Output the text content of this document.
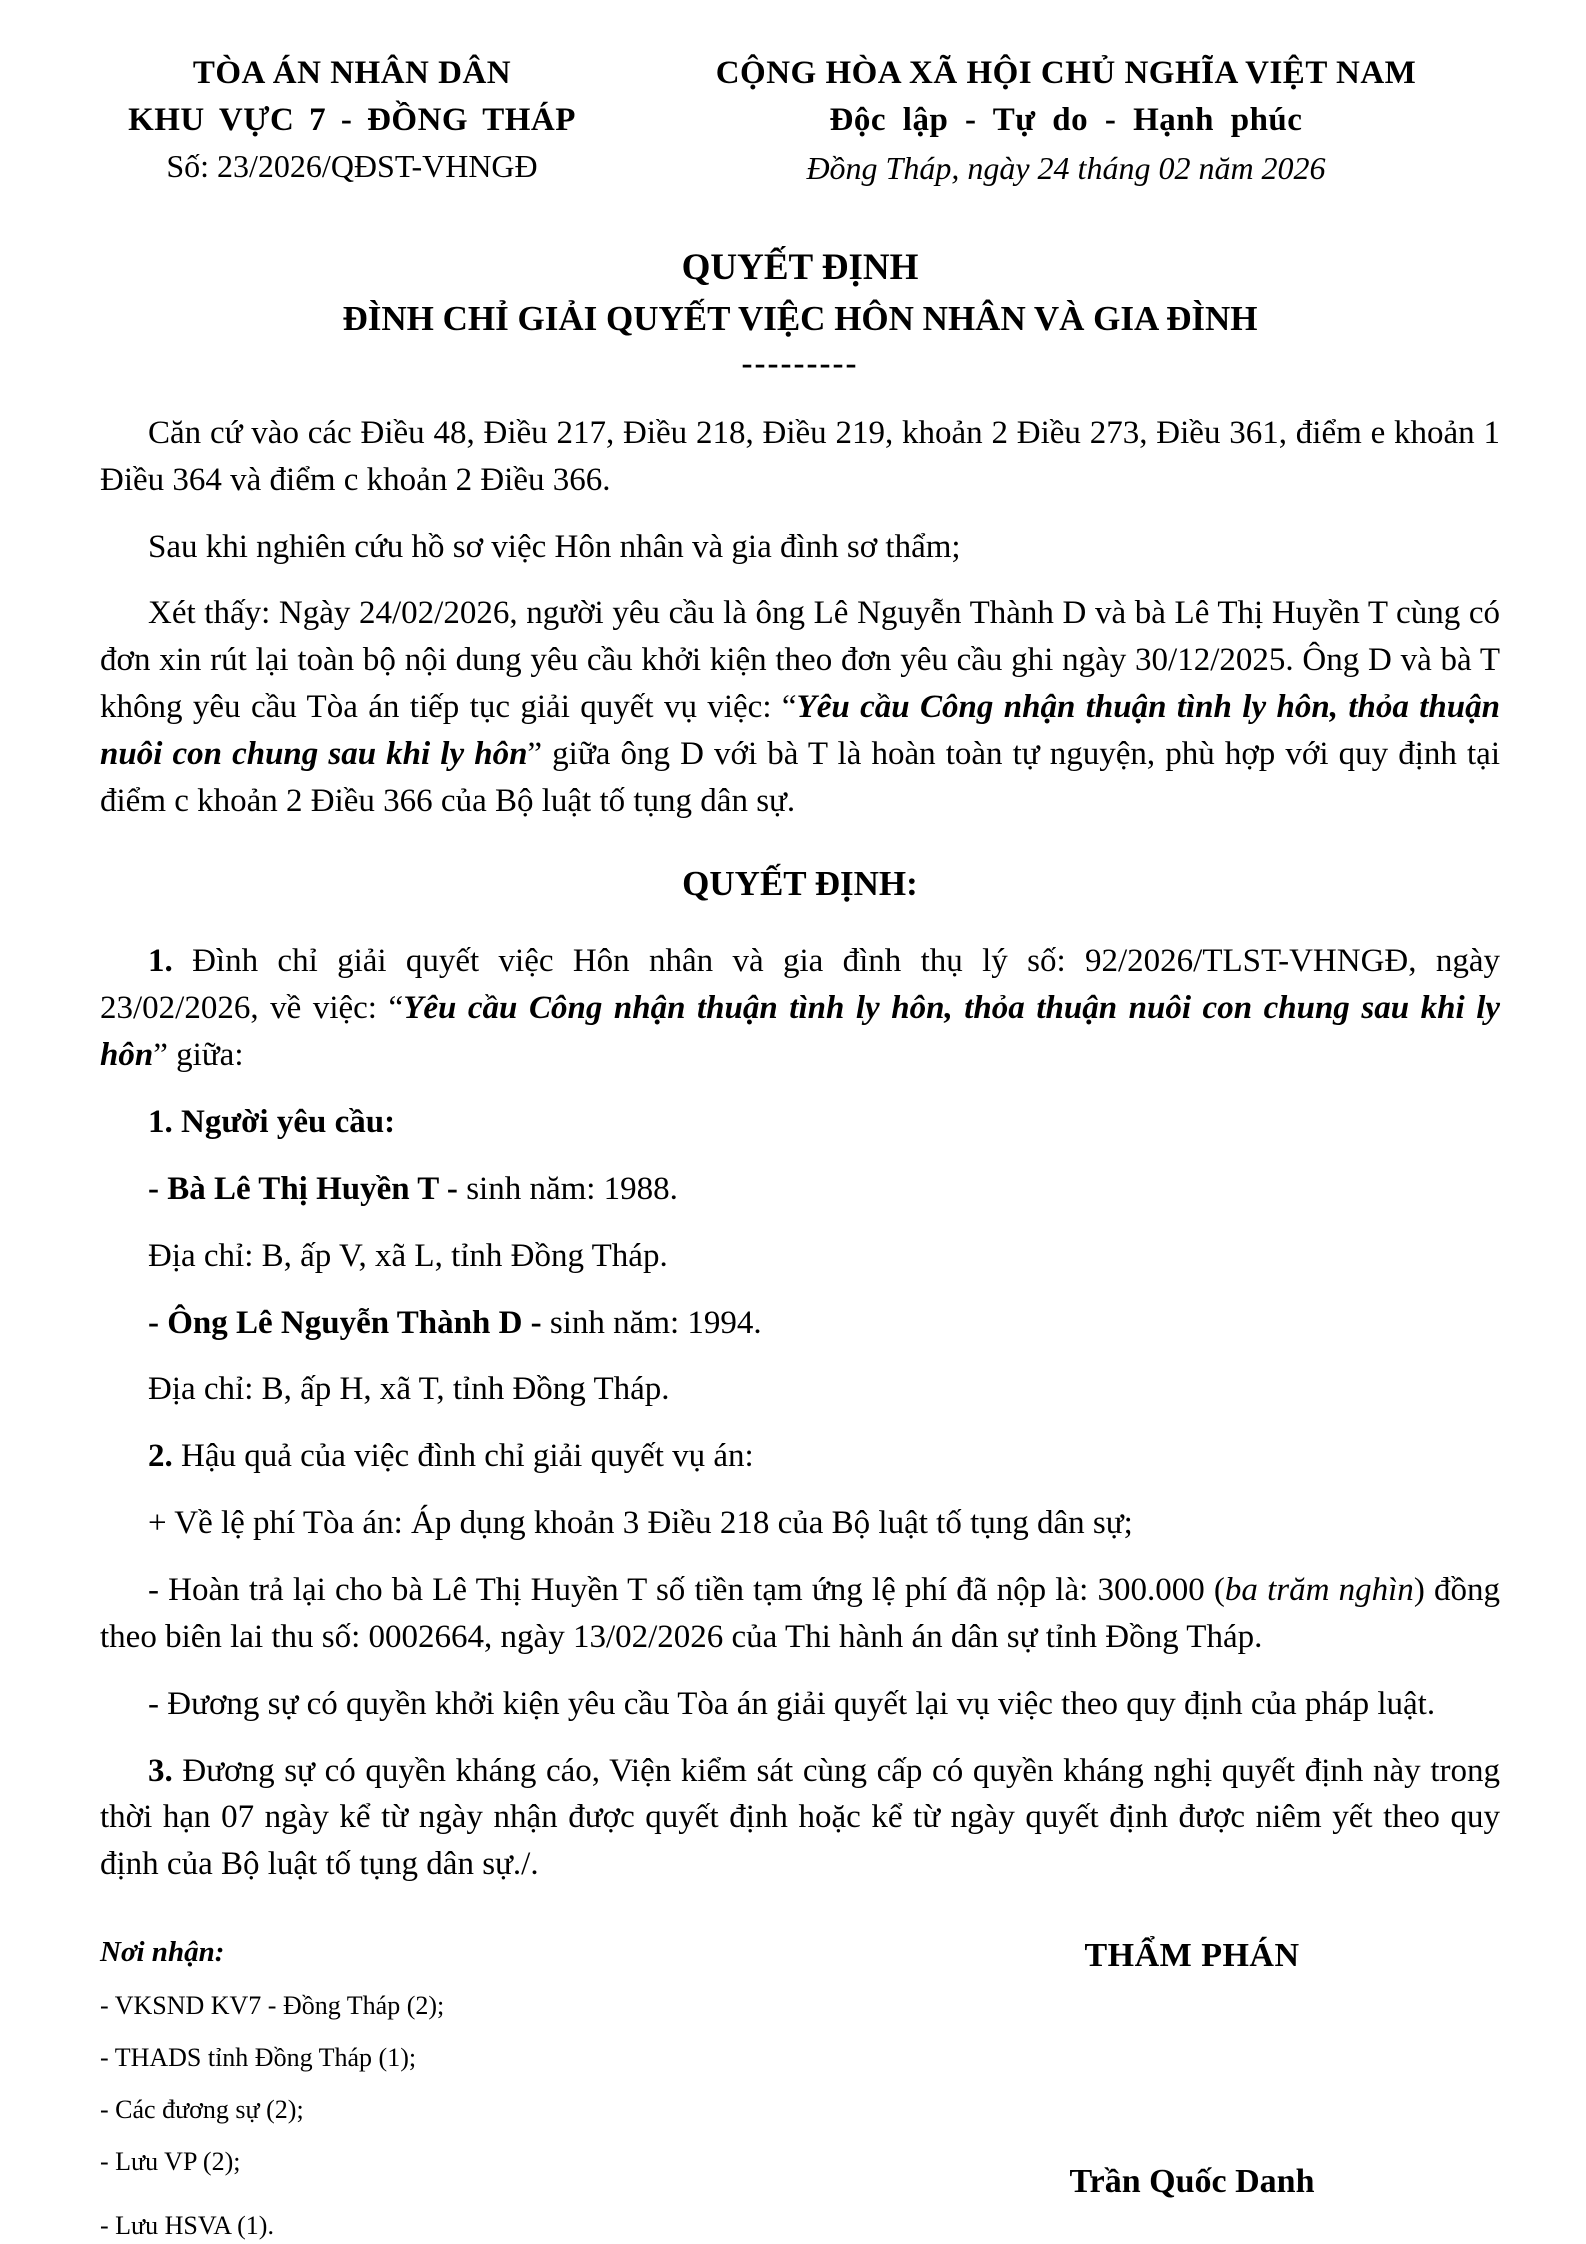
TÒA ÁN NHÂN DÂN
KHU VỰC 7 - ĐỒNG THÁP
Số: 23/2026/QĐST-VHNGĐ
CỘNG HÒA XÃ HỘI CHỦ NGHĨA VIỆT NAM
Độc lập - Tự do - Hạnh phúc
Đồng Tháp, ngày 24 tháng 02 năm 2026
QUYẾT ĐỊNH
ĐÌNH CHỈ GIẢI QUYẾT VIỆC HÔN NHÂN VÀ GIA ĐÌNH
---------

Căn cứ vào các Điều 48, Điều 217, Điều 218, Điều 219, khoản 2 Điều 273, Điều 361, điểm e khoản 1 Điều 364 và điểm c khoản 2 Điều 366.

Sau khi nghiên cứu hồ sơ việc Hôn nhân và gia đình sơ thẩm;

Xét thấy: Ngày 24/02/2026, người yêu cầu là ông Lê Nguyễn Thành D và bà Lê Thị Huyền T cùng có đơn xin rút lại toàn bộ nội dung yêu cầu khởi kiện theo đơn yêu cầu ghi ngày 30/12/2025. Ông D và bà T không yêu cầu Tòa án tiếp tục giải quyết vụ việc: “Yêu cầu Công nhận thuận tình ly hôn, thỏa thuận nuôi con chung sau khi ly hôn” giữa ông D với bà T là hoàn toàn tự nguyện, phù hợp với quy định tại điểm c khoản 2 Điều 366 của Bộ luật tố tụng dân sự.

QUYẾT ĐỊNH:

1. Đình chỉ giải quyết việc Hôn nhân và gia đình thụ lý số: 92/2026/TLST-VHNGĐ, ngày 23/02/2026, về việc: “Yêu cầu Công nhận thuận tình ly hôn, thỏa thuận nuôi con chung sau khi ly hôn” giữa:

1. Người yêu cầu:

- Bà Lê Thị Huyền T - sinh năm: 1988.

Địa chỉ: B, ấp V, xã L, tỉnh Đồng Tháp.

- Ông Lê Nguyễn Thành D - sinh năm: 1994.

Địa chỉ: B, ấp H, xã T, tỉnh Đồng Tháp.

2. Hậu quả của việc đình chỉ giải quyết vụ án:

+ Về lệ phí Tòa án: Áp dụng khoản 3 Điều 218 của Bộ luật tố tụng dân sự;

- Hoàn trả lại cho bà Lê Thị Huyền T số tiền tạm ứng lệ phí đã nộp là: 300.000 (ba trăm nghìn) đồng theo biên lai thu số: 0002664, ngày 13/02/2026 của Thi hành án dân sự tỉnh Đồng Tháp.

- Đương sự có quyền khởi kiện yêu cầu Tòa án giải quyết lại vụ việc theo quy định của pháp luật.

3. Đương sự có quyền kháng cáo, Viện kiểm sát cùng cấp có quyền kháng nghị quyết định này trong thời hạn 07 ngày kể từ ngày nhận được quyết định hoặc kể từ ngày quyết định được niêm yết theo quy định của Bộ luật tố tụng dân sự./.

Nơi nhận:
- VKSND KV7 - Đồng Tháp (2);
- THADS tỉnh Đồng Tháp (1);
- Các đương sự (2);
- Lưu VP (2);
- Lưu HSVA (1).
THẨM PHÁN
Trần Quốc Danh
